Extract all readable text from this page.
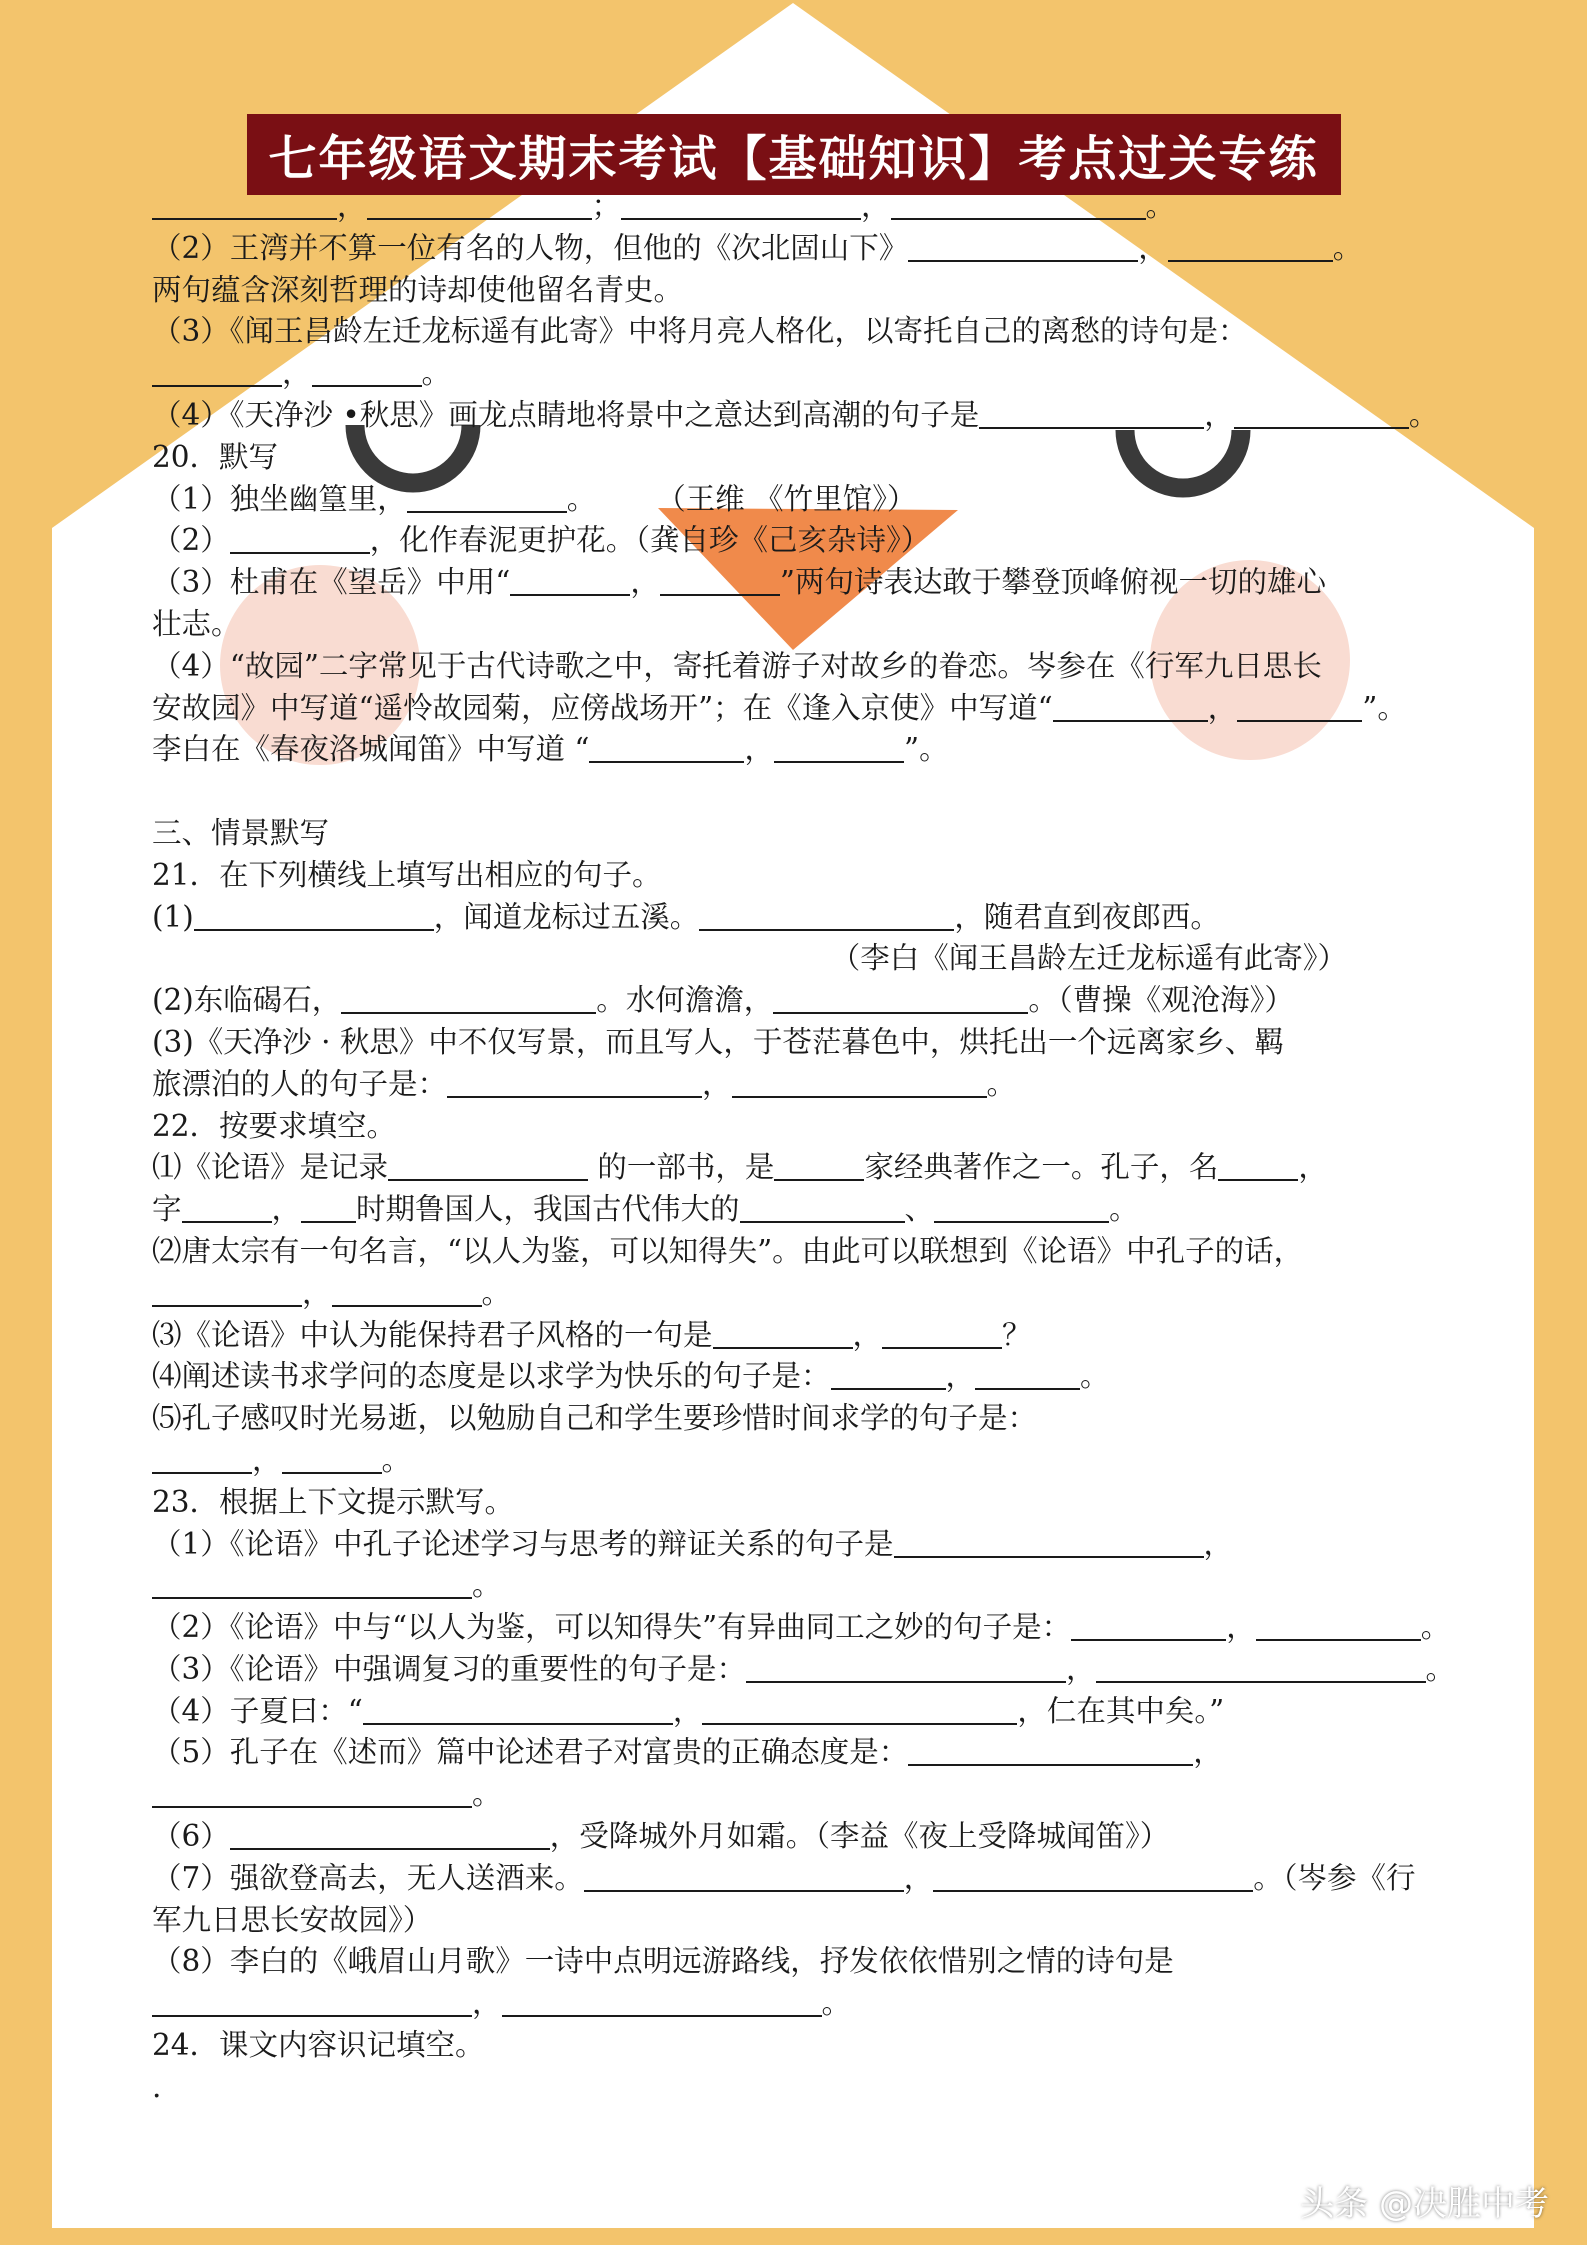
七年级语文期末考试【基础知识】考点过关专练
，	；	，	。
（2）王湾并不算一位有名的人物，但他的《次北固山下》	，	。
两句蕴含深刻哲理的诗却使他留名青史。
（3）《闻王昌龄左迁龙标遥有此寄》中将月亮人格化，以寄托自己的离愁的诗句是：
，	。
（4）《天净沙 •秋思》画龙点睛地将景中之意达到高潮的句子是	，	。
20．默写
（1）独坐幽篁里，	。 （王维 《竹里馆》）
（2）	，化作春泥更护花。（龚自珍《己亥杂诗》）
（3）杜甫在《望岳》中用“	，	”两句诗表达敢于攀登顶峰俯视一切的雄心
壮志。
（4）“故园”二字常见于古代诗歌之中，寄托着游子对故乡的眷恋。岑参在《行军九日思长
安故园》中写道“遥怜故园菊，应傍战场开”；在《逢入京使》中写道“	，	”。
李白在《春夜洛城闻笛》中写道 “	，	”。
三、情景默写
21．在下列横线上填写出相应的句子。
(1)	，闻道龙标过五溪。	，随君直到夜郎西。
（李白《闻王昌龄左迁龙标遥有此寄》）
(2)东临碣石，	。水何澹澹，	。（曹操《观沧海》）
(3)《天净沙 · 秋思》中不仅写景，而且写人，于苍茫暮色中，烘托出一个远离家乡、羁
旅漂泊的人的句子是：	，	。
22．按要求填空。
⑴《论语》是记录	的一部书，是	家经典著作之一。孔子，名	，
字	， 时期鲁国人，我国古代伟大的	、	。
⑵唐太宗有一句名言，“以人为鉴，可以知得失”。由此可以联想到《论语》中孔子的话，
，	。
⑶《论语》中认为能保持君子风格的一句是	，	？
⑷阐述读书求学问的态度是以求学为快乐的句子是：	，	。
⑸孔子感叹时光易逝，以勉励自己和学生要珍惜时间求学的句子是：
，	。
23．根据上下文提示默写。
（1）《论语》中孔子论述学习与思考的辩证关系的句子是	，
。
（2）《论语》中与“以人为鉴，可以知得失”有异曲同工之妙的句子是：	，	。
（3）《论语》中强调复习的重要性的句子是：	，	。
（4）子夏曰：“	，	，仁在其中矣。”
（5）孔子在《述而》篇中论述君子对富贵的正确态度是：	，
。
（6）	，受降城外月如霜。（李益《夜上受降城闻笛》）
（7）强欲登高去，无人送酒来。	，	。（岑参《行
军九日思长安故园》）
（8）李白的《峨眉山月歌》一诗中点明远游路线，抒发依依惜别之情的诗句是
，	。
24．课文内容识记填空。
.
头条 @决胜中考
